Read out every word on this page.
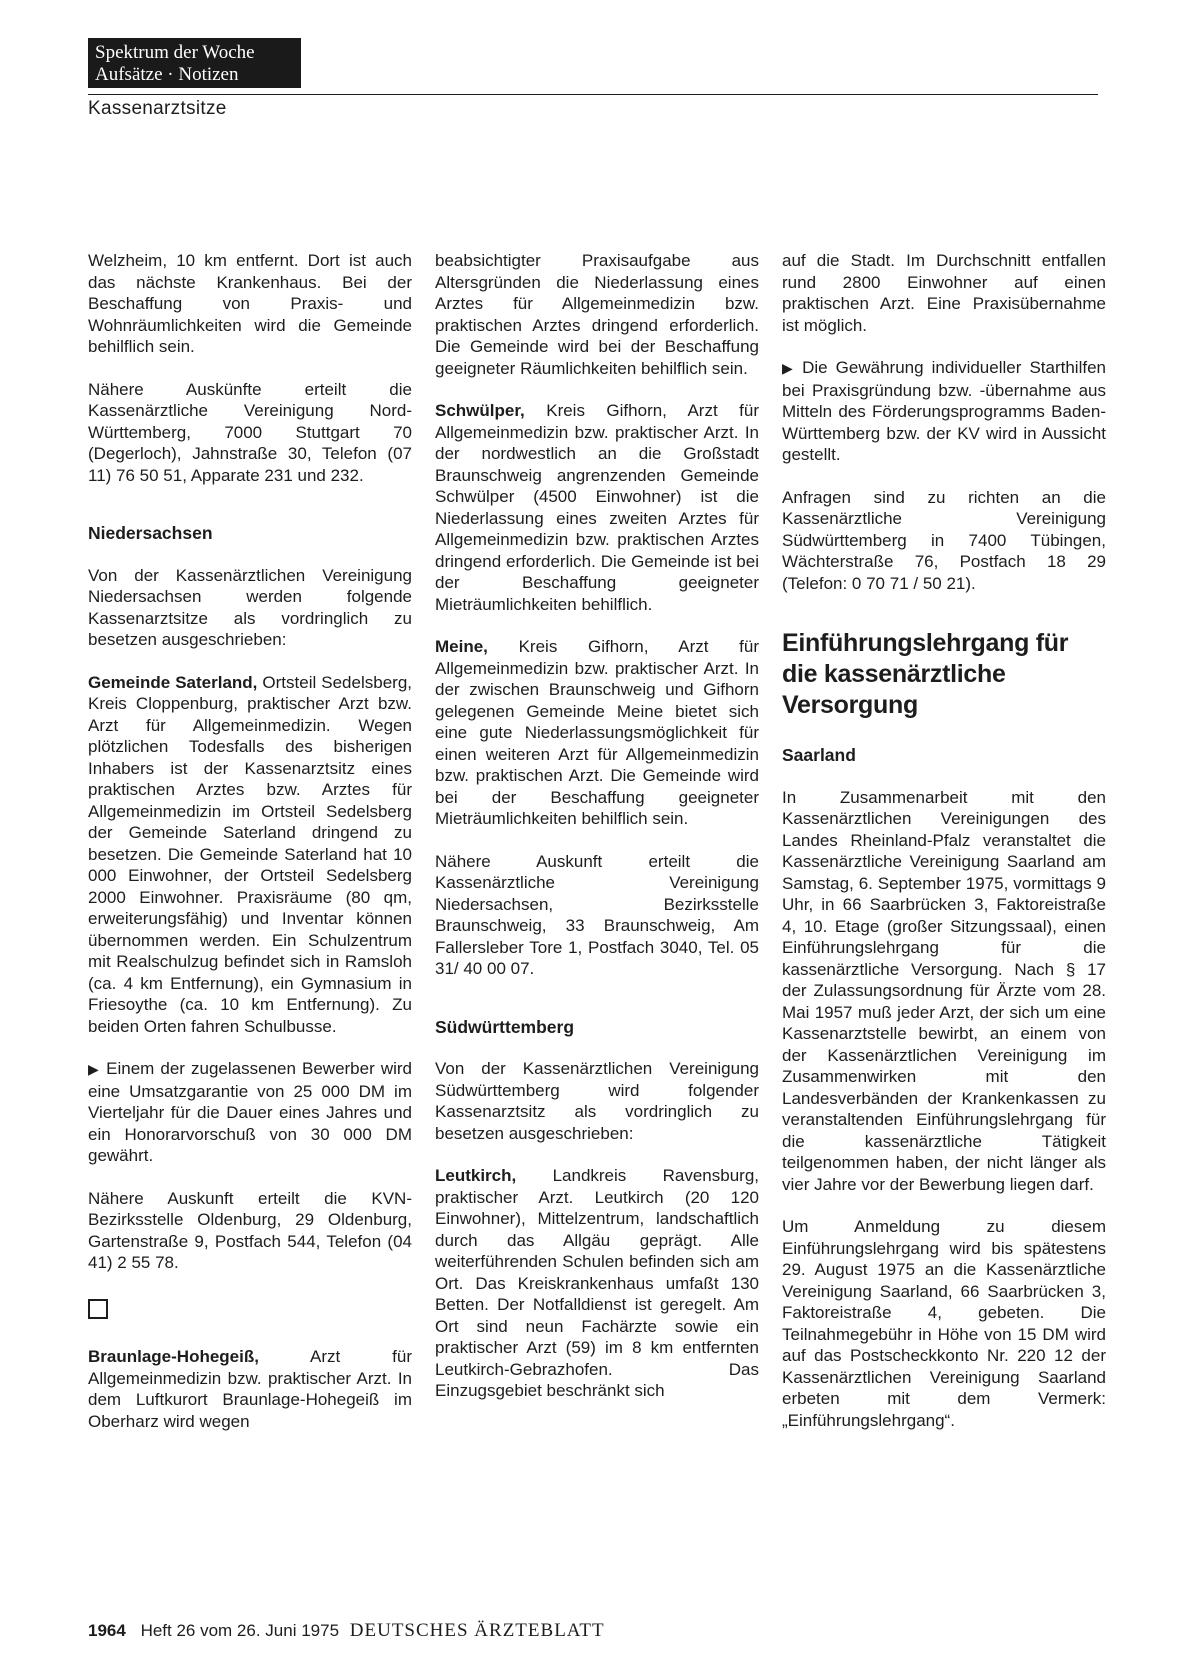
Spektrum der Woche
Aufsätze · Notizen
Kassenarztsitze

Welzheim, 10 km entfernt. Dort ist auch das nächste Krankenhaus. Bei der Beschaffung von Praxis- und Wohnräumlichkeiten wird die Gemeinde behilflich sein.

Nähere Auskünfte erteilt die Kassenärztliche Vereinigung Nord-Württemberg, 7000 Stuttgart 70 (Degerloch), Jahnstraße 30, Telefon (07 11) 76 50 51, Apparate 231 und 232.

Niedersachsen

Von der Kassenärztlichen Vereinigung Niedersachsen werden folgende Kassenarztsitze als vordringlich zu besetzen ausgeschrieben:

Gemeinde Saterland, Ortsteil Sedelsberg, Kreis Cloppenburg, praktischer Arzt bzw. Arzt für Allgemeinmedizin. Wegen plötzlichen Todesfalls des bisherigen Inhabers ist der Kassenarztsitz eines praktischen Arztes bzw. Arztes für Allgemeinmedizin im Ortsteil Sedelsberg der Gemeinde Saterland dringend zu besetzen. Die Gemeinde Saterland hat 10 000 Einwohner, der Ortsteil Sedelsberg 2000 Einwohner. Praxisräume (80 qm, erweiterungsfähig) und Inventar können übernommen werden. Ein Schulzentrum mit Realschulzug befindet sich in Ramsloh (ca. 4 km Entfernung), ein Gymnasium in Friesoythe (ca. 10 km Entfernung). Zu beiden Orten fahren Schulbusse.

▶ Einem der zugelassenen Bewerber wird eine Umsatzgarantie von 25 000 DM im Vierteljahr für die Dauer eines Jahres und ein Honorarvorschuß von 30 000 DM gewährt.

Nähere Auskunft erteilt die KVN-Bezirksstelle Oldenburg, 29 Oldenburg, Gartenstraße 9, Postfach 544, Telefon (04 41) 2 55 78.

Braunlage-Hohegeiß, Arzt für Allgemeinmedizin bzw. praktischer Arzt. In dem Luftkurort Braunlage-Hohegeiß im Oberharz wird wegen

beabsichtigter Praxisaufgabe aus Altersgründen die Niederlassung eines Arztes für Allgemeinmedizin bzw. praktischen Arztes dringend erforderlich. Die Gemeinde wird bei der Beschaffung geeigneter Räumlichkeiten behilflich sein.

Schwülper, Kreis Gifhorn, Arzt für Allgemeinmedizin bzw. praktischer Arzt. In der nordwestlich an die Großstadt Braunschweig angrenzenden Gemeinde Schwülper (4500 Einwohner) ist die Niederlassung eines zweiten Arztes für Allgemeinmedizin bzw. praktischen Arztes dringend erforderlich. Die Gemeinde ist bei der Beschaffung geeigneter Mieträumlichkeiten behilflich.

Meine, Kreis Gifhorn, Arzt für Allgemeinmedizin bzw. praktischer Arzt. In der zwischen Braunschweig und Gifhorn gelegenen Gemeinde Meine bietet sich eine gute Niederlassungsmöglichkeit für einen weiteren Arzt für Allgemeinmedizin bzw. praktischen Arzt. Die Gemeinde wird bei der Beschaffung geeigneter Mieträumlichkeiten behilflich sein.

Nähere Auskunft erteilt die Kassenärztliche Vereinigung Niedersachsen, Bezirksstelle Braunschweig, 33 Braunschweig, Am Fallersleber Tore 1, Postfach 3040, Tel. 05 31/ 40 00 07.

Südwürttemberg

Von der Kassenärztlichen Vereinigung Südwürttemberg wird folgender Kassenarztsitz als vordringlich zu besetzen ausgeschrieben:

Leutkirch, Landkreis Ravensburg, praktischer Arzt. Leutkirch (20 120 Einwohner), Mittelzentrum, landschaftlich durch das Allgäu geprägt. Alle weiterführenden Schulen befinden sich am Ort. Das Kreiskrankenhaus umfaßt 130 Betten. Der Notfalldienst ist geregelt. Am Ort sind neun Fachärzte sowie ein praktischer Arzt (59) im 8 km entfernten Leutkirch-Gebrazhofen. Das Einzugsgebiet beschränkt sich

auf die Stadt. Im Durchschnitt entfallen rund 2800 Einwohner auf einen praktischen Arzt. Eine Praxisübernahme ist möglich.

▶ Die Gewährung individueller Starthilfen bei Praxisgründung bzw. -übernahme aus Mitteln des Förderungsprogramms Baden-Württemberg bzw. der KV wird in Aussicht gestellt.

Anfragen sind zu richten an die Kassenärztliche Vereinigung Südwürttemberg in 7400 Tübingen, Wächterstraße 76, Postfach 18 29 (Telefon: 0 70 71 / 50 21).

Einführungslehrgang für die kassenärztliche Versorgung
Saarland

In Zusammenarbeit mit den Kassenärztlichen Vereinigungen des Landes Rheinland-Pfalz veranstaltet die Kassenärztliche Vereinigung Saarland am Samstag, 6. September 1975, vormittags 9 Uhr, in 66 Saarbrücken 3, Faktoreistraße 4, 10. Etage (großer Sitzungssaal), einen Einführungslehrgang für die kassenärztliche Versorgung. Nach § 17 der Zulassungsordnung für Ärzte vom 28. Mai 1957 muß jeder Arzt, der sich um eine Kassenarztstelle bewirbt, an einem von der Kassenärztlichen Vereinigung im Zusammenwirken mit den Landesverbänden der Krankenkassen zu veranstaltenden Einführungslehrgang für die kassenärztliche Tätigkeit teilgenommen haben, der nicht länger als vier Jahre vor der Bewerbung liegen darf.

Um Anmeldung zu diesem Einführungslehrgang wird bis spätestens 29. August 1975 an die Kassenärztliche Vereinigung Saarland, 66 Saarbrücken 3, Faktoreistraße 4, gebeten. Die Teilnahmegebühr in Höhe von 15 DM wird auf das Postscheckkonto Nr. 220 12 der Kassenärztlichen Vereinigung Saarland erbeten mit dem Vermerk: „Einführungslehrgang“.

1964 Heft 26 vom 26. Juni 1975 DEUTSCHES ÄRZTEBLATT
